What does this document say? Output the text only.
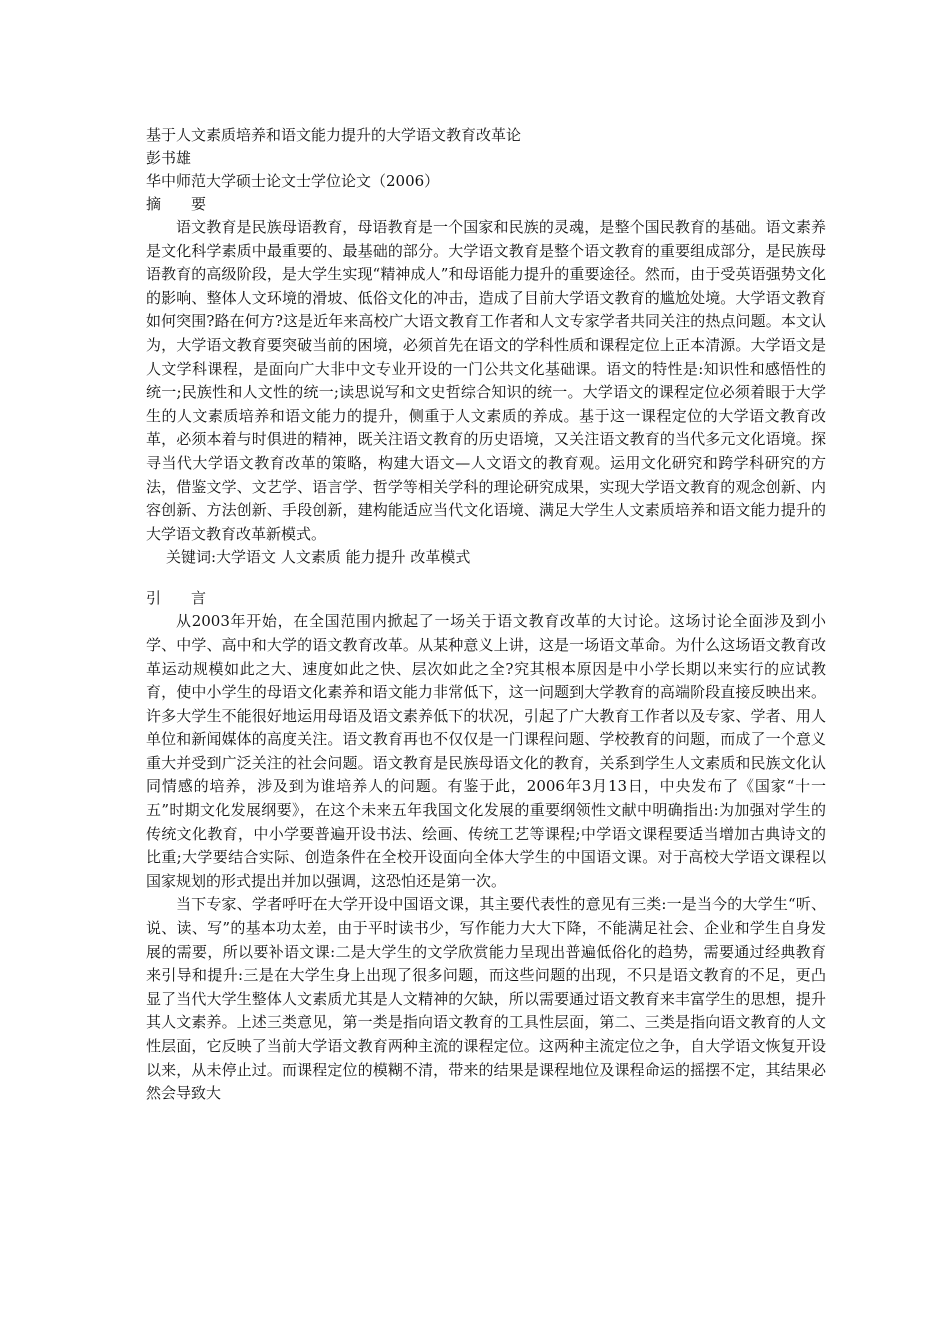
基于人文素质培养和语文能力提升的大学语文教育改革论

彭书雄

华中师范大学硕士论文士学位论文（2006）

摘　　要

语文教育是民族母语教育，母语教育是一个国家和民族的灵魂，是整个国民教育的基础。语文素养是文化科学素质中最重要的、最基础的部分。大学语文教育是整个语文教育的重要组成部分，是民族母语教育的高级阶段，是大学生实现“精神成人”和母语能力提升的重要途径。然而，由于受英语强势文化的影响、整体人文环境的滑坡、低俗文化的冲击，造成了目前大学语文教育的尴尬处境。大学语文教育如何突围?路在何方?这是近年来高校广大语文教育工作者和人文专家学者共同关注的热点问题。本文认为，大学语文教育要突破当前的困境，必须首先在语文的学科性质和课程定位上正本清源。大学语文是人文学科课程，是面向广大非中文专业开设的一门公共文化基础课。语文的特性是:知识性和感悟性的统一;民族性和人文性的统一;读思说写和文史哲综合知识的统一。大学语文的课程定位必须着眼于大学生的人文素质培养和语文能力的提升，侧重于人文素质的养成。基于这一课程定位的大学语文教育改革，必须本着与时俱进的精神，既关注语文教育的历史语境，又关注语文教育的当代多元文化语境。探寻当代大学语文教育改革的策略，构建大语文—人文语文的教育观。运用文化研究和跨学科研究的方法，借鉴文学、文艺学、语言学、哲学等相关学科的理论研究成果，实现大学语文教育的观念创新、内容创新、方法创新、手段创新，建构能适应当代文化语境、满足大学生人文素质培养和语文能力提升的大学语文教育改革新模式。

关键词:大学语文 人文素质 能力提升 改革模式

引　　言

从2003年开始，在全国范围内掀起了一场关于语文教育改革的大讨论。这场讨论全面涉及到小学、中学、高中和大学的语文教育改革。从某种意义上讲，这是一场语文革命。为什么这场语文教育改革运动规模如此之大、速度如此之快、层次如此之全?究其根本原因是中小学长期以来实行的应试教育，使中小学生的母语文化素养和语文能力非常低下，这一问题到大学教育的高端阶段直接反映出来。许多大学生不能很好地运用母语及语文素养低下的状况，引起了广大教育工作者以及专家、学者、用人单位和新闻媒体的高度关注。语文教育再也不仅仅是一门课程问题、学校教育的问题，而成了一个意义重大并受到广泛关注的社会问题。语文教育是民族母语文化的教育，关系到学生人文素质和民族文化认同情感的培养，涉及到为谁培养人的问题。有鉴于此，2006年3月13日，中央发布了《国家“十一五”时期文化发展纲要》，在这个未来五年我国文化发展的重要纲领性文献中明确指出:为加强对学生的传统文化教育，中小学要普遍开设书法、绘画、传统工艺等课程;中学语文课程要适当增加古典诗文的比重;大学要结合实际、创造条件在全校开设面向全体大学生的中国语文课。对于高校大学语文课程以国家规划的形式提出并加以强调，这恐怕还是第一次。

当下专家、学者呼吁在大学开设中国语文课，其主要代表性的意见有三类:一是当今的大学生“听、说、读、写”的基本功太差，由于平时读书少，写作能力大大下降，不能满足社会、企业和学生自身发展的需要，所以要补语文课:二是大学生的文学欣赏能力呈现出普遍低俗化的趋势，需要通过经典教育来引导和提升:三是在大学生身上出现了很多问题，而这些问题的出现，不只是语文教育的不足，更凸显了当代大学生整体人文素质尤其是人文精神的欠缺，所以需要通过语文教育来丰富学生的思想，提升其人文素养。上述三类意见，第一类是指向语文教育的工具性层面，第二、三类是指向语文教育的人文性层面，它反映了当前大学语文教育两种主流的课程定位。这两种主流定位之争，自大学语文恢复开设以来，从未停止过。而课程定位的模糊不清，带来的结果是课程地位及课程命运的摇摆不定，其结果必然会导致大
